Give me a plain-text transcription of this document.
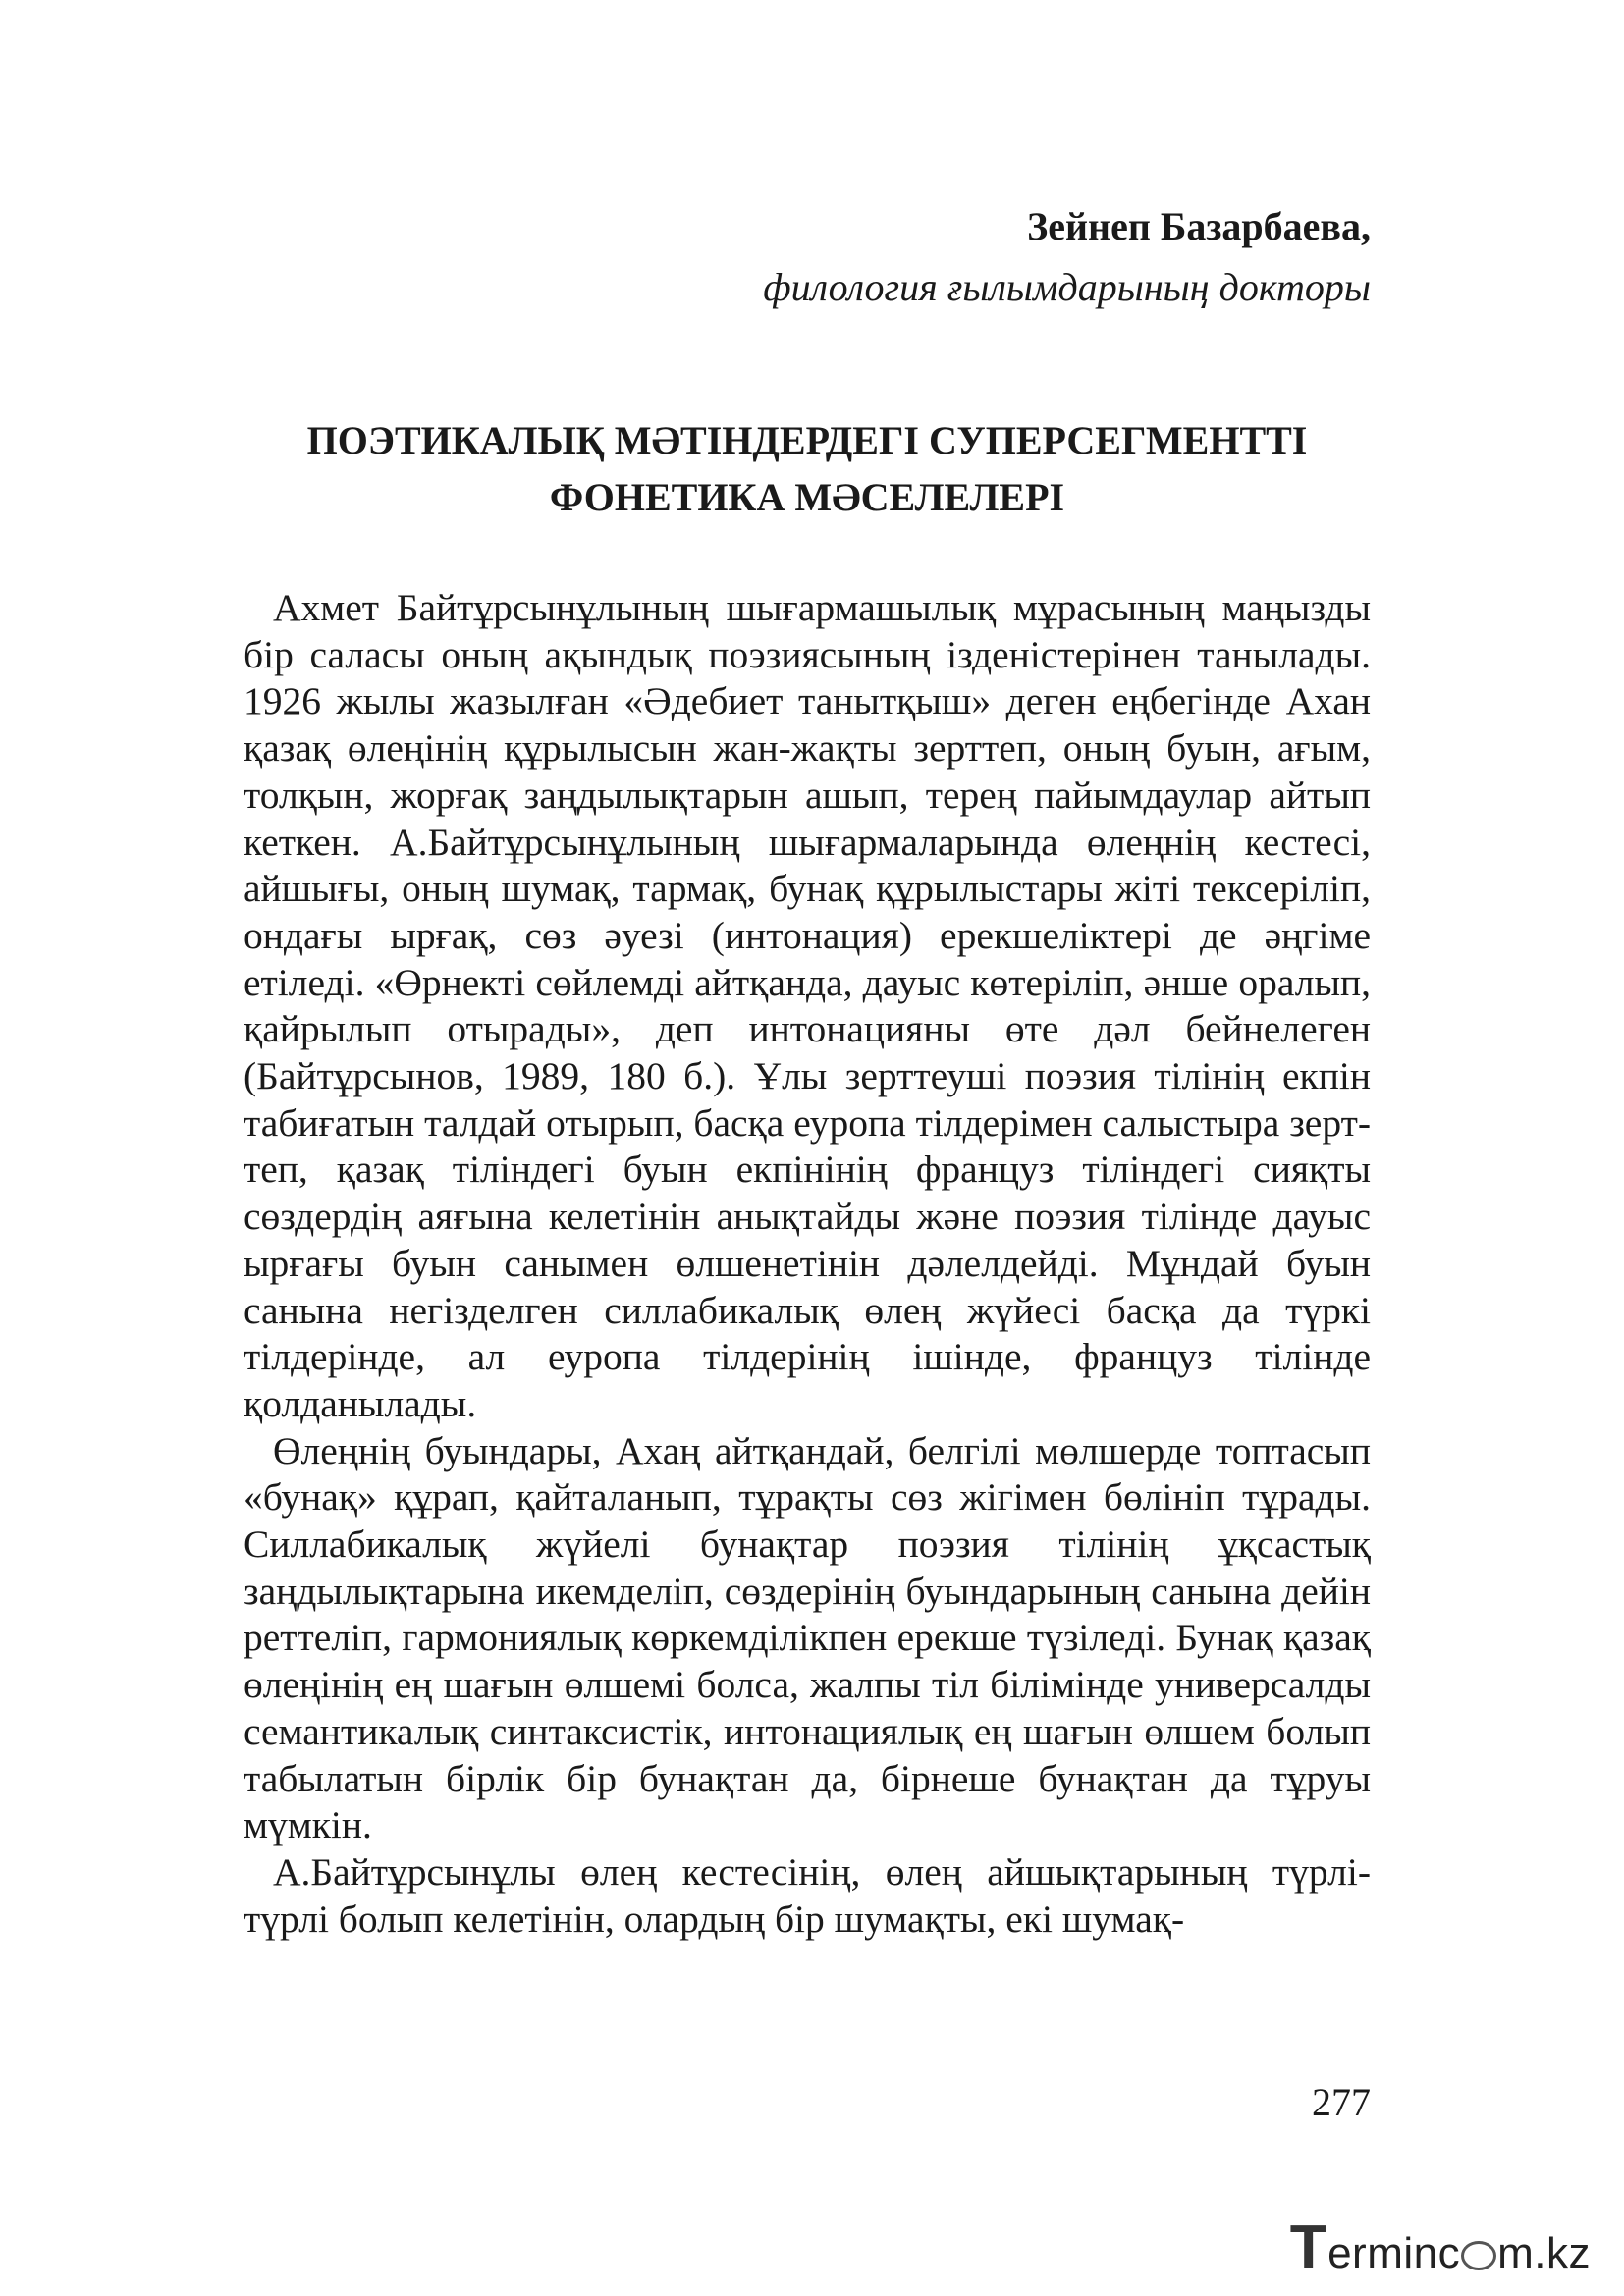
Зейнеп Базарбаева,
филология ғылымдарының докторы
ПОЭТИКАЛЫҚ МӘТІНДЕРДЕГІ СУПЕРСЕГМЕНТТІ
ФОНЕТИКА МӘСЕЛЕЛЕРІ

Ахмет Байтұрсынұлының шығармашылық мұрасының маңызды бір саласы оның ақындық поэзиясының ізденістерінен танылады. 1926 жылы жазылған «Әдебиет танытқыш» деген еңбегінде Ахан қазақ өлеңінің құрылысын жан-жақты зерттеп, оның буын, ағым, толқын, жорғақ заңдылықтарын ашып, терең пайымдаулар айтып кеткен. А.Байтұрсынұлының шығармаларында өлеңнің кестесі, айшығы, оның шумақ, тармақ, бунақ құрылыстары жіті тексеріліп, ондағы ырғақ, сөз әуезі (интонация) ерекшеліктері де әңгіме етіледі. «Өрнекті сөйлемді айтқанда, дауыс көтеріліп, әнше оралып, қайрылып отырады», деп интонацияны өте дәл бейнелеген (Байтұрсынов, 1989, 180 б.). Ұлы зерттеуші поэзия тілінің екпін табиғатын талдай отырып, басқа еуропа тілдерімен салыстыра зерттеп, қазақ тіліндегі буын екпінінің француз тіліндегі сияқты сөздердің аяғына келетінін анықтайды және поэзия тілінде дауыс ырғағы буын санымен өлшенетінін дәлелдейді. Мұндай буын санына негізделген силлабикалық өлең жүйесі басқа да түркі тілдерінде, ал еуропа тілдерінің ішінде, француз тілінде қолданылады.

Өлеңнің буындары, Ахаң айтқандай, белгілі мөлшерде топтасып «бунақ» құрап, қайталанып, тұрақты сөз жігімен бөлініп тұрады. Силлабикалық жүйелі бунақтар поэзия тілінің ұқсастық заңдылықтарына икемделіп, сөздерінің буындарының санына дейін реттеліп, гармониялық көркемділікпен ерекше түзіледі. Бунақ қазақ өлеңінің ең шағын өлшемі болса, жалпы тіл білімінде универсалды семантикалық синтаксистік, интонациялық ең шағын өлшем болып табылатын бірлік бір бунақтан да, бірнеше бунақтан да тұруы мүмкін.

А.Байтұрсынұлы өлең кестесінің, өлең айшықтарының түрлі-түрлі болып келетінін, олардың бір шумақты, екі шумақ-

277
T erminc m.kz
